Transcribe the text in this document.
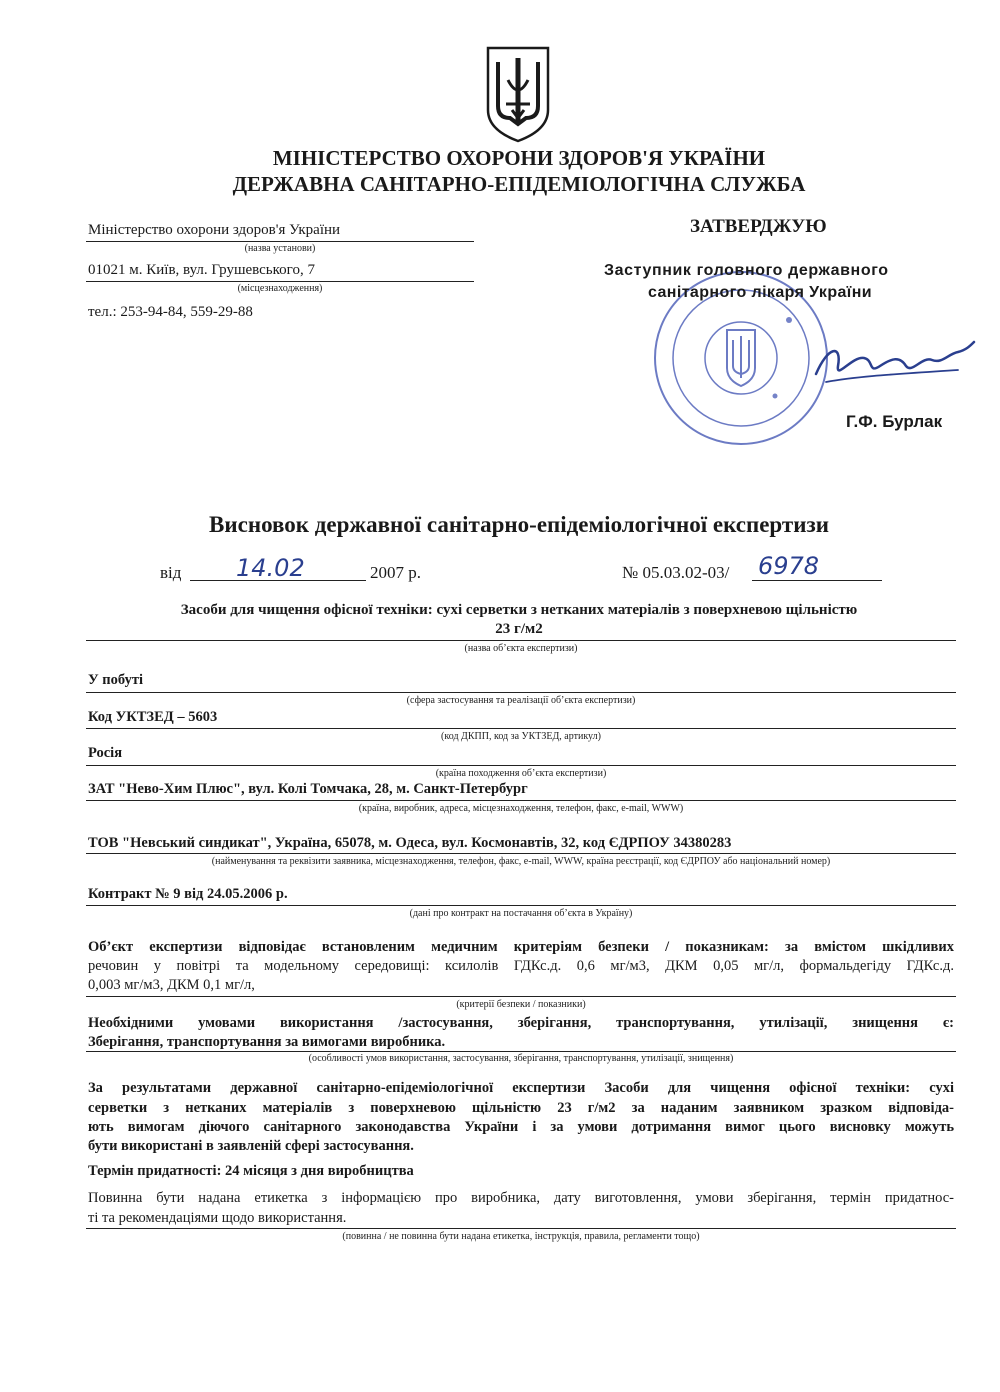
МІНІСТЕРСТВО ОХОРОНИ ЗДОРОВ'Я УКРАЇНИ
ДЕРЖАВНА САНІТАРНО-ЕПІДЕМІОЛОГІЧНА СЛУЖБА
Міністерство охорони здоров'я України
(назва установи)
01021 м. Київ, вул. Грушевського, 7
(місцезнаходження)
тел.: 253-94-84, 559-29-88
ЗАТВЕРДЖУЮ
Заступник головного державного
санітарного лікаря України
Г.Ф. Бурлак
Висновок державної санітарно-епідеміологічної експертизи
від 14.02	2007 р.	№ 05.03.02-03/ 6978
Засоби для чищення офісної техніки: сухі серветки з нетканих матеріалів з поверхневою щільністю
23 г/м2
(назва об’єкта експертизи)
У побуті
(сфера застосування та реалізації об’єкта експертизи)
Код УКТЗЕД – 5603
(код ДКПП, код за УКТЗЕД, артикул)
Росія
(країна походження об’єкта експертизи)
ЗАТ "Нево-Хим Плюс", вул. Колі Томчака, 28, м. Санкт-Петербург
(країна, виробник, адреса, місцезнаходження, телефон, факс, e-mail, WWW)
ТОВ "Невський синдикат", Україна, 65078, м. Одеса, вул. Космонавтів, 32, код ЄДРПОУ 34380283
(найменування та реквізити заявника, місцезнаходження, телефон, факс, e-mail, WWW, країна реєстрації, код ЄДРПОУ або національний номер)
Контракт № 9 від 24.05.2006 р.
(дані про контракт на постачання об’єкта в Україну)
Об’єкт експертизи відповідає встановленим медичним критеріям безпеки / показникам: за вмістом шкідливих
речовин у повітрі та модельному середовищі: ксилолів ГДКс.д. 0,6 мг/м3, ДКМ 0,05 мг/л, формальдегіду ГДКс.д.
0,003 мг/м3, ДКМ 0,1 мг/л,
(критерії безпеки / показники)
Необхідними умовами використання /застосування, зберігання, транспортування, утилізації, знищення є:
Зберігання, транспортування за вимогами виробника.
(особливості умов використання, застосування, зберігання, транспортування, утилізації, знищення)
За результатами державної санітарно-епідеміологічної експертизи Засоби для чищення офісної техніки: сухі
серветки з нетканих матеріалів з поверхневою щільністю 23 г/м2 за наданим заявником зразком відповіда-
ють вимогам діючого санітарного законодавства України і за умови дотримання вимог цього висновку можуть
бути використані в заявленій сфері застосування.
Термін придатності: 24 місяця з дня виробництва
Повинна бути надана етикетка з інформацією про виробника, дату виготовлення, умови зберігання, термін придатнос-
ті та рекомендаціями щодо використання.
(повинна / не повинна бути надана етикетка, інструкція, правила, регламенти тощо)
